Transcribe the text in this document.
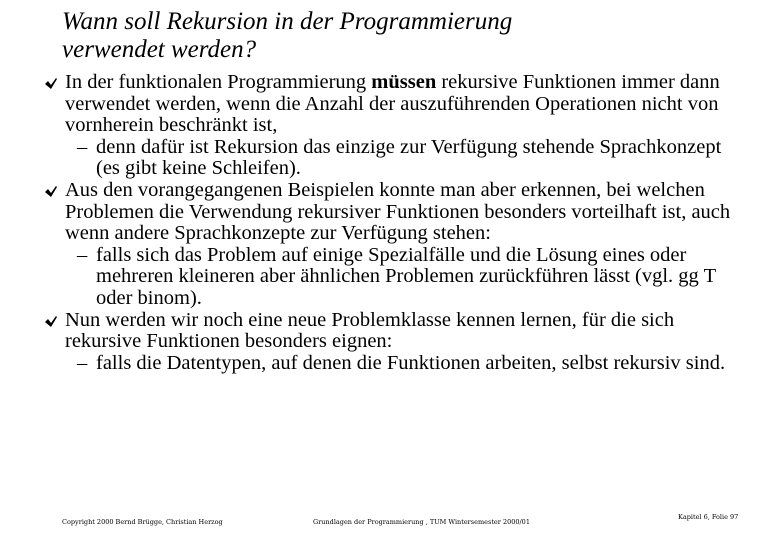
Wann soll Rekursion in der Programmierung
verwendet werden?
In der funktionalen Programmierung müssen rekursive Funktionen immer dann verwendet werden, wenn die Anzahl der auszuführenden Operationen nicht von vornherein beschränkt ist,
– denn dafür ist Rekursion das einzige zur Verfügung stehende Sprachkonzept (es gibt keine Schleifen).
Aus den vorangegangenen Beispielen konnte man aber erkennen, bei welchen Problemen die Verwendung rekursiver Funktionen besonders vorteilhaft ist, auch wenn andere Sprachkonzepte zur Verfügung stehen:
– falls sich das Problem auf einige Spezialfälle und die Lösung eines oder mehreren kleineren aber ähnlichen Problemen zurückführen lässt (vgl. gg T oder binom).
Nun werden wir noch eine neue Problemklasse kennen lernen, für die sich rekursive Funktionen besonders eignen:
– falls die Datentypen, auf denen die Funktionen arbeiten, selbst rekursiv sind.
Copyright 2000 Bernd Brügge, Christian Herzog	Grundlagen der Programmierung , TUM Wintersemester 2000/01
Kapitel 6, Folie 97
